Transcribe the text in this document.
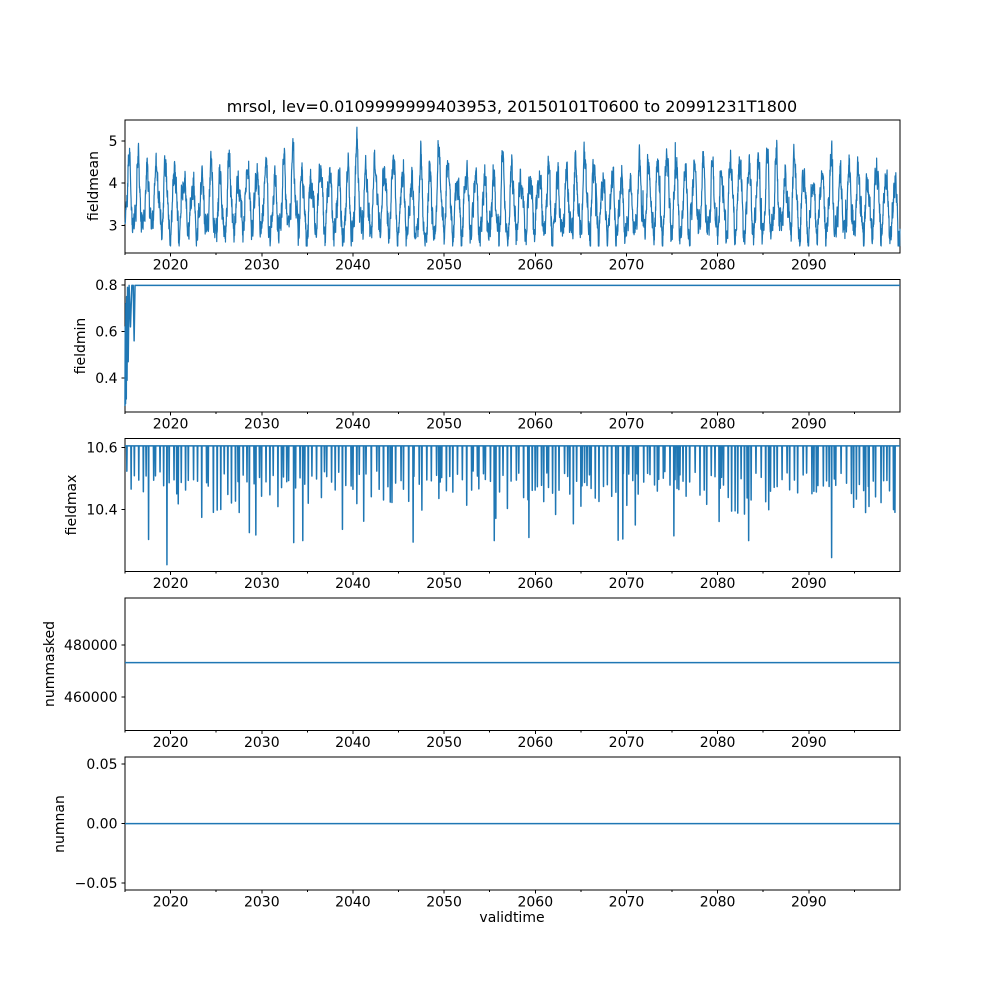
2020	2030	2040	2050	2060	2070	2080	2090
3
4
5
2020	2030	2040	2050	2060	2070	2080	2090
0.4
0.6
0.8
2020	2030	2040	2050	2060	2070	2080	2090
10.4
10.6
2020	2030	2040	2050	2060	2070	2080	2090
460000
480000
2020	2030	2040	2050	2060	2070	2080	2090
−0.05
0.00
0.05
mrsol, lev=0.0109999999403953, 20150101T0600 to 20991231T1800
fieldmean
fieldmin
fieldmax
nummasked
numnan
validtime
